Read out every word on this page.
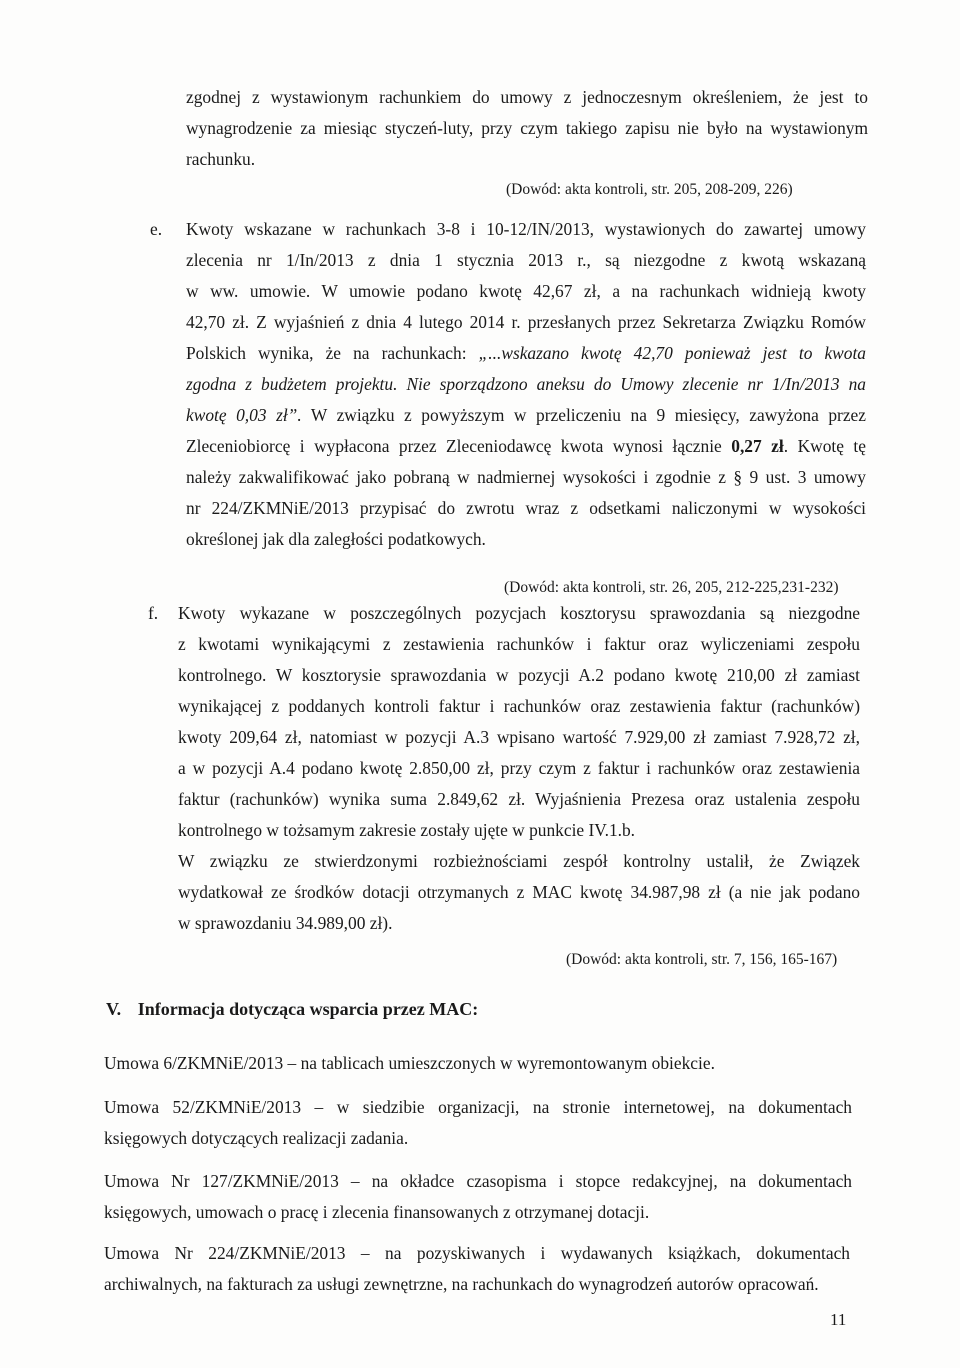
zgodnej z wystawionym rachunkiem do umowy z jednoczesnym określeniem, że jest to
wynagrodzenie za miesiąc styczeń-luty, przy czym takiego zapisu nie było na wystawionym
rachunku.
(Dowód: akta kontroli, str. 205, 208-209, 226)
e. Kwoty wskazane w rachunkach 3-8 i 10-12/IN/2013, wystawionych do zawartej umowy
zlecenia nr 1/In/2013 z dnia 1 stycznia 2013 r., są niezgodne z kwotą wskazaną
w ww. umowie. W umowie podano kwotę 42,67 zł, a na rachunkach widnieją kwoty
42,70 zł. Z wyjaśnień z dnia 4 lutego 2014 r. przesłanych przez Sekretarza Związku Romów
Polskich wynika, że na rachunkach: „...wskazano kwotę 42,70 ponieważ jest to kwota
zgodna z budżetem projektu. Nie sporządzono aneksu do Umowy zlecenie nr 1/In/2013 na
kwotę 0,03 zł”. W związku z powyższym w przeliczeniu na 9 miesięcy, zawyżona przez
Zleceniobiorcę i wypłacona przez Zleceniodawcę kwota wynosi łącznie 0,27 zł. Kwotę tę
należy zakwalifikować jako pobraną w nadmiernej wysokości i zgodnie z § 9 ust. 3 umowy
nr 224/ZKMNiE/2013 przypisać do zwrotu wraz z odsetkami naliczonymi w wysokości
określonej jak dla zaległości podatkowych.
(Dowód: akta kontroli, str. 26, 205, 212-225,231-232)
f. Kwoty wykazane w poszczególnych pozycjach kosztorysu sprawozdania są niezgodne
z kwotami wynikającymi z zestawienia rachunków i faktur oraz wyliczeniami zespołu
kontrolnego. W kosztorysie sprawozdania w pozycji A.2 podano kwotę 210,00 zł zamiast
wynikającej z poddanych kontroli faktur i rachunków oraz zestawienia faktur (rachunków)
kwoty 209,64 zł, natomiast w pozycji A.3 wpisano wartość 7.929,00 zł zamiast 7.928,72 zł,
a w pozycji A.4 podano kwotę 2.850,00 zł, przy czym z faktur i rachunków oraz zestawienia
faktur (rachunków) wynika suma 2.849,62 zł. Wyjaśnienia Prezesa oraz ustalenia zespołu
kontrolnego w tożsamym zakresie zostały ujęte w punkcie IV.1.b.
W związku ze stwierdzonymi rozbieżnościami zespół kontrolny ustalił, że Związek
wydatkował ze środków dotacji otrzymanych z MAC kwotę 34.987,98 zł (a nie jak podano
w sprawozdaniu 34.989,00 zł).
(Dowód: akta kontroli, str. 7, 156, 165-167)
V. Informacja dotycząca wsparcia przez MAC:
Umowa 6/ZKMNiE/2013 – na tablicach umieszczonych w wyremontowanym obiekcie.
Umowa 52/ZKMNiE/2013 – w siedzibie organizacji, na stronie internetowej, na dokumentach
księgowych dotyczących realizacji zadania.
Umowa Nr 127/ZKMNiE/2013 – na okładce czasopisma i stopce redakcyjnej, na dokumentach
księgowych, umowach o pracę i zlecenia finansowanych z otrzymanej dotacji.
Umowa Nr 224/ZKMNiE/2013 – na pozyskiwanych i wydawanych książkach, dokumentach
archiwalnych, na fakturach za usługi zewnętrzne, na rachunkach do wynagrodzeń autorów opracowań.
11
